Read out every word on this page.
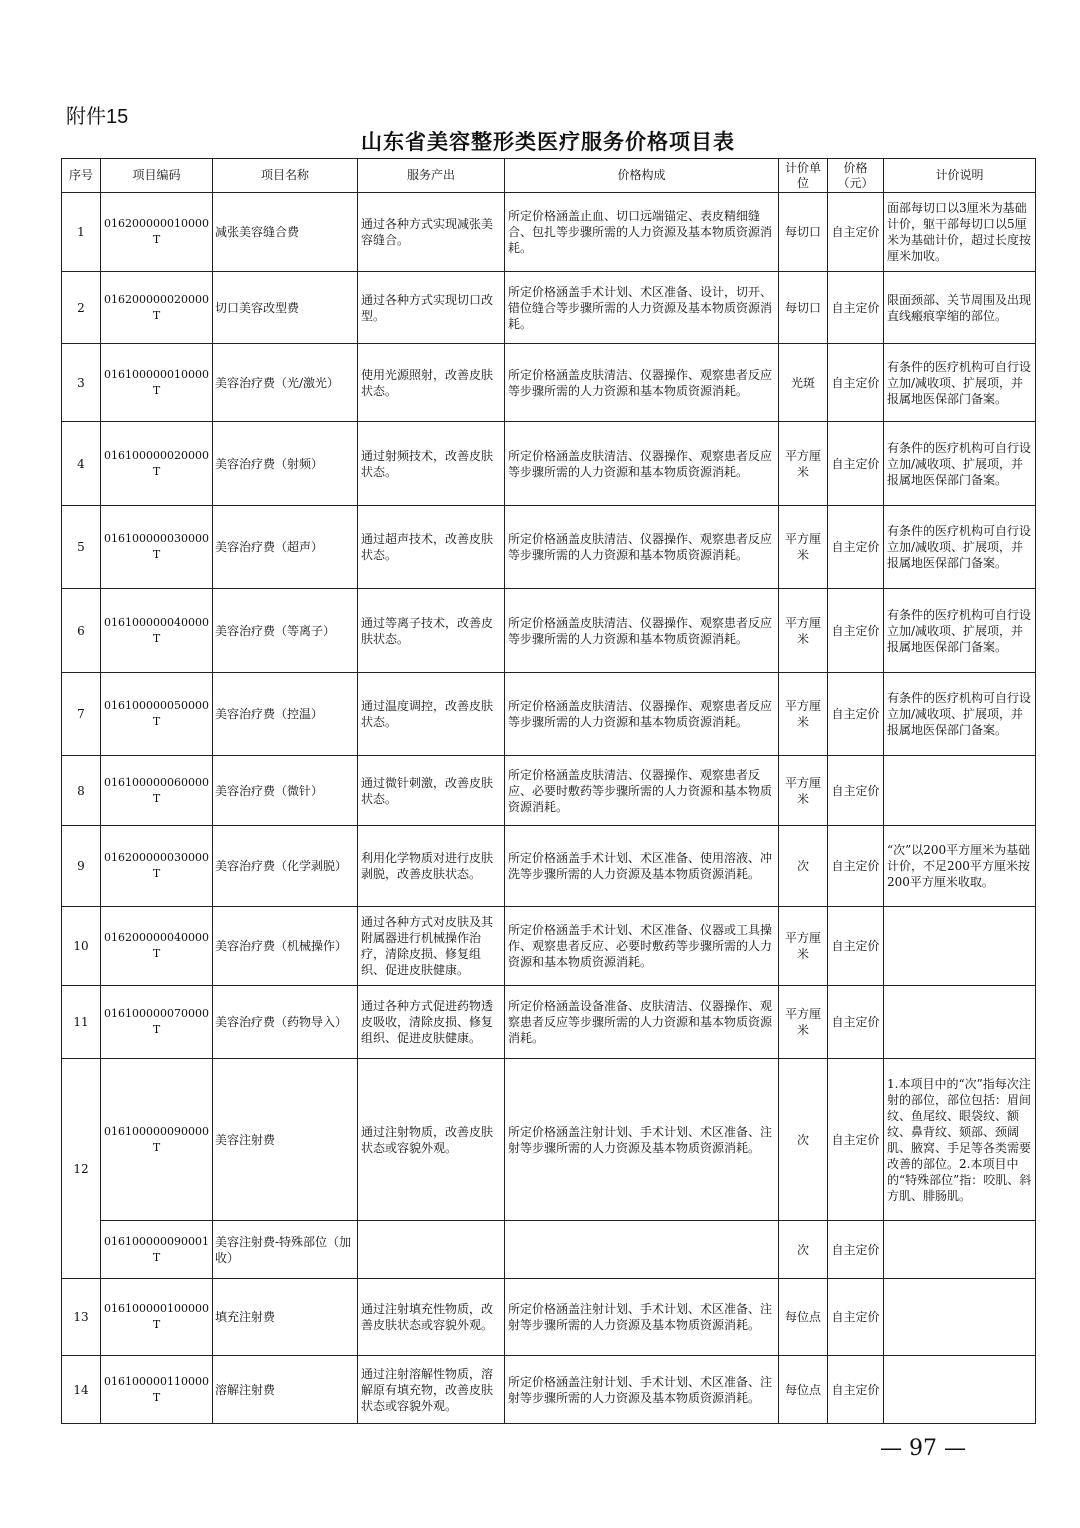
附件15
山东省美容整形类医疗服务价格项目表
序号	项目编码	项目名称	服务产出	价格构成	计价单位	价格（元）	计价说明
1	016200000010000T	减张美容缝合费	通过各种方式实现减张美容缝合。	所定价格涵盖止血、切口远端锚定、表皮精细缝合、包扎等步骤所需的人力资源及基本物质资源消耗。	每切口	自主定价	面部每切口以3厘米为基础计价，躯干部每切口以5厘米为基础计价，超过长度按厘米加收。
2	016200000020000T	切口美容改型费	通过各种方式实现切口改型。	所定价格涵盖手术计划、术区准备、设计，切开、错位缝合等步骤所需的人力资源及基本物质资源消耗。	每切口	自主定价	限面颈部、关节周围及出现直线瘢痕挛缩的部位。
3	016100000010000T	美容治疗费（光/激光）	使用光源照射，改善皮肤状态。	所定价格涵盖皮肤清洁、仪器操作、观察患者反应等步骤所需的人力资源和基本物质资源消耗。	光斑	自主定价	有条件的医疗机构可自行设立加/减收项、扩展项，并报属地医保部门备案。
4	016100000020000T	美容治疗费（射频）	通过射频技术，改善皮肤状态。	所定价格涵盖皮肤清洁、仪器操作、观察患者反应等步骤所需的人力资源和基本物质资源消耗。	平方厘米	自主定价	有条件的医疗机构可自行设立加/减收项、扩展项，并报属地医保部门备案。
5	016100000030000T	美容治疗费（超声）	通过超声技术，改善皮肤状态。	所定价格涵盖皮肤清洁、仪器操作、观察患者反应等步骤所需的人力资源和基本物质资源消耗。	平方厘米	自主定价	有条件的医疗机构可自行设立加/减收项、扩展项，并报属地医保部门备案。
6	016100000040000T	美容治疗费（等离子）	通过等离子技术，改善皮肤状态。	所定价格涵盖皮肤清洁、仪器操作、观察患者反应等步骤所需的人力资源和基本物质资源消耗。	平方厘米	自主定价	有条件的医疗机构可自行设立加/减收项、扩展项，并报属地医保部门备案。
7	016100000050000T	美容治疗费（控温）	通过温度调控，改善皮肤状态。	所定价格涵盖皮肤清洁、仪器操作、观察患者反应等步骤所需的人力资源和基本物质资源消耗。	平方厘米	自主定价	有条件的医疗机构可自行设立加/减收项、扩展项，并报属地医保部门备案。
8	016100000060000T	美容治疗费（微针）	通过微针刺激，改善皮肤状态。	所定价格涵盖皮肤清洁、仪器操作、观察患者反应、必要时敷药等步骤所需的人力资源和基本物质资源消耗。	平方厘米	自主定价	
9	016200000030000T	美容治疗费（化学剥脱）	利用化学物质对进行皮肤剥脱，改善皮肤状态。	所定价格涵盖手术计划、术区准备、使用溶液、冲洗等步骤所需的人力资源及基本物质资源消耗。	次	自主定价	“次”以200平方厘米为基础计价，不足200平方厘米按200平方厘米收取。
10	016200000040000T	美容治疗费（机械操作）	通过各种方式对皮肤及其附属器进行机械操作治疗，清除皮损、修复组织、促进皮肤健康。	所定价格涵盖手术计划、术区准备、仪器或工具操作、观察患者反应、必要时敷药等步骤所需的人力资源和基本物质资源消耗。	平方厘米	自主定价	
11	016100000070000T	美容治疗费（药物导入）	通过各种方式促进药物透皮吸收，清除皮损、修复组织、促进皮肤健康。	所定价格涵盖设备准备、皮肤清洁、仪器操作、观察患者反应等步骤所需的人力资源和基本物质资源消耗。	平方厘米	自主定价	
12	016100000090000T	美容注射费	通过注射物质，改善皮肤状态或容貌外观。	所定价格涵盖注射计划、手术计划、术区准备、注射等步骤所需的人力资源及基本物质资源消耗。	次	自主定价	1.本项目中的“次”指每次注射的部位，部位包括：眉间纹、鱼尾纹、眼袋纹、额纹、鼻背纹、颏部、颈阔肌、腋窝、手足等各类需要改善的部位。2.本项目中的“特殊部位”指：咬肌、斜方肌、腓肠肌。
	016100000090001T	美容注射费-特殊部位（加收）			次	自主定价	
13	016100000100000T	填充注射费	通过注射填充性物质，改善皮肤状态或容貌外观。	所定价格涵盖注射计划、手术计划、术区准备、注射等步骤所需的人力资源及基本物质资源消耗。	每位点	自主定价	
14	016100000110000T	溶解注射费	通过注射溶解性物质，溶解原有填充物，改善皮肤状态或容貌外观。	所定价格涵盖注射计划、手术计划、术区准备、注射等步骤所需的人力资源及基本物质资源消耗。	每位点	自主定价	
— 97 —
